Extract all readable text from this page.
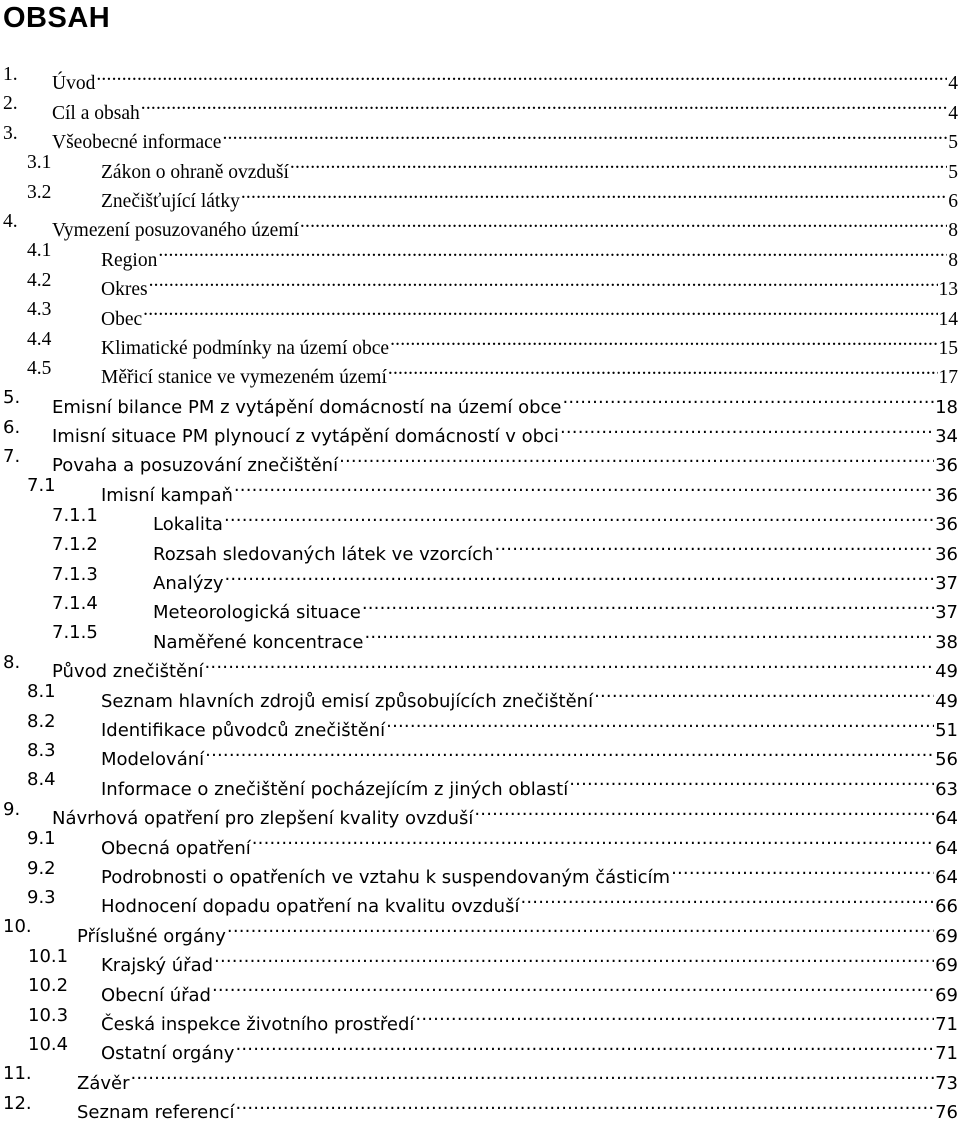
OBSAH
1. Úvod .....	4
2. Cíl a obsah .....	4
3. Všeobecné informace .....	5
3.1	Zákon o ohraně ovzduší .....	5
3.2	Znečišťující látky .....	6
4. Vymezení posuzovaného území .....	8
4.1	Region .....	8
4.2	Okres .....	13
4.3	Obec .....	14
4.4	Klimatické podmínky na území obce .....	15
4.5	Měřicí stanice ve vymezeném území .....	17
5. Emisní bilance PM z vytápění domácností na území obce .....	18
6. Imisní situace PM plynoucí z vytápění domácností v obci .....	34
7. Povaha a posuzování znečištění .....	36
7.1	Imisní kampaň .....	36
7.1.1	Lokalita .....	36
7.1.2	Rozsah sledovaných látek ve vzorcích .....	36
7.1.3	Analýzy .....	37
7.1.4	Meteorologická situace .....	37
7.1.5	Naměřené koncentrace .....	38
8. Původ znečištění .....	49
8.1	Seznam hlavních zdrojů emisí způsobujících znečištění .....	49
8.2	Identifikace původců znečištění .....	51
8.3	Modelování .....	56
8.4	Informace o znečištění pocházejícím z jiných oblastí .....	63
9. Návrhová opatření pro zlepšení kvality ovzduší .....	64
9.1	Obecná opatření .....	64
9.2	Podrobnosti o opatřeních ve vztahu k suspendovaným částicím .....	64
9.3	Hodnocení dopadu opatření na kvalitu ovzduší .....	66
10.	Příslušné orgány .....	69
10.1 Krajský úřad .....	69
10.2 Obecní úřad .....	69
10.3 Česká inspekce životního prostředí .....	71
10.4 Ostatní orgány .....	71
11.	Závěr .....	73
12.	Seznam referencí .....	76
